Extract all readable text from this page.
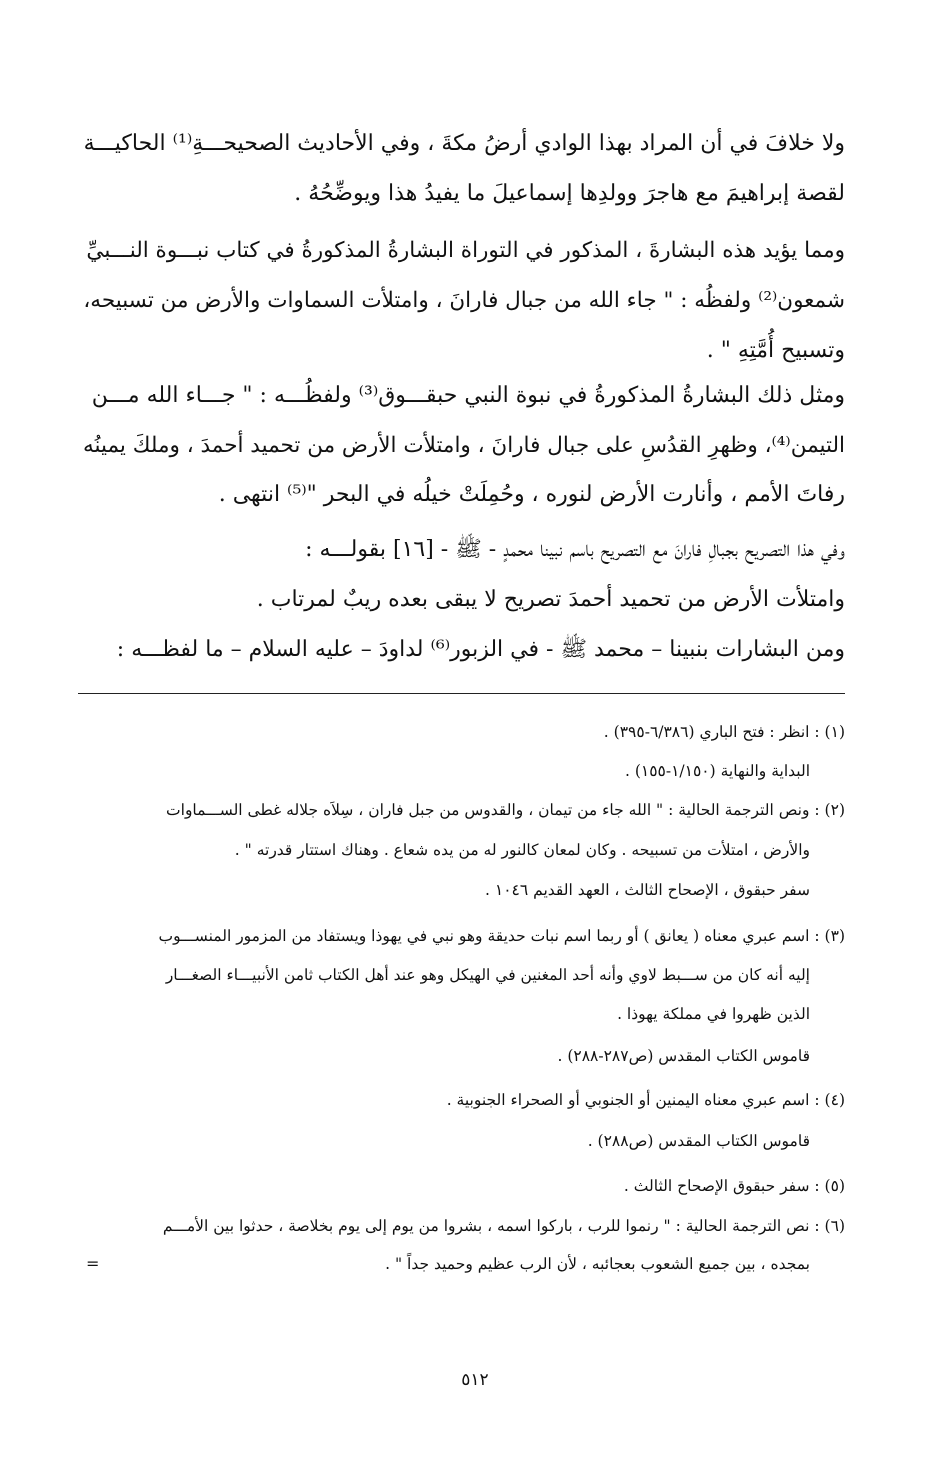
ولا خلافَ في أن المراد بهذا الوادي أرضُ مكةَ ، وفي الأحاديث الصحيحـــةِ⁽¹⁾ الحاكيـــة
لقصة إبراهيمَ مع هاجرَ وولدِها إسماعيلَ ما يفيدُ هذا ويوضِّحُهُ .
ومما يؤيد هذه البشارةَ ، المذكور في التوراة البشارةُ المذكورةُ في كتاب نبـــوة النـــبيِّ
شمعون⁽²⁾ ولفظُه : " جاء الله من جبال فارانَ ، وامتلأت السماوات والأرض من تسبيحه،
وتسبيح أُمَّتِهِ " .
ومثل ذلك البشارةُ المذكورةُ في نبوة النبي حبقـــوق⁽³⁾ ولفظُـــه : " جـــاء الله مـــن
التيمن⁽⁴⁾، وظهرِ القدُسِ على جبال فارانَ ، وامتلأت الأرض من تحميد أحمدَ ، وملكَ يمينُه
رفاتَ الأمم ، وأنارت الأرض لنوره ، وحُمِلَتْ خيلُه في البحر "⁽⁵⁾ انتهى .
وفي هذا التصريح بجبالِ فارانَ مع التصريح باسم نبينا محمدٍ - ﷺ - [١٦] بقولـــه :
وامتلأت الأرض من تحميد أحمدَ تصريح لا يبقى بعده ريبٌ لمرتاب .
ومن البشارات بنبينا – محمد ﷺ - في الزبور⁽⁶⁾ لداودَ – عليه السلام – ما لفظـــه :
(١) : انظر : فتح الباري (٦/٣٨٦-٣٩٥) .
البداية والنهاية (١/١٥٠-١٥٥) .
(٢) : ونص الترجمة الحالية : " الله جاء من تيمان ، والقدوس من جبل فاران ، سِلاَه جلاله غطى الســـماوات
والأرض ، امتلأت من تسبيحه . وكان لمعان كالنور له من يده شعاع . وهناك استتار قدرته " .
سفر حبقوق ، الإصحاح الثالث ، العهد القديم ١٠٤٦ .
(٣) : اسم عبري معناه ( يعانق ) أو ربما اسم نبات حديقة وهو نبي في يهوذا ويستفاد من المزمور المنســـوب
إليه أنه كان من ســـبط لاوي وأنه أحد المغنين في الهيكل وهو عند أهل الكتاب ثامن الأنبيـــاء الصغـــار
الذين ظهروا في مملكة يهوذا .
قاموس الكتاب المقدس (ص٢٨٧-٢٨٨) .
(٤) : اسم عبري معناه اليمنين أو الجنوبي أو الصحراء الجنوبية .
قاموس الكتاب المقدس (ص٢٨٨) .
(٥) : سفر حبقوق الإصحاح الثالث .
(٦) : نص الترجمة الحالية : " رنموا للرب ، باركوا اسمه ، بشروا من يوم إلى يوم بخلاصة ، حدثوا بين الأمـــم
بمجده ، بين جميع الشعوب بعجائبه ، لأن الرب عظيم وحميد جداً " .
=
٥١٢
